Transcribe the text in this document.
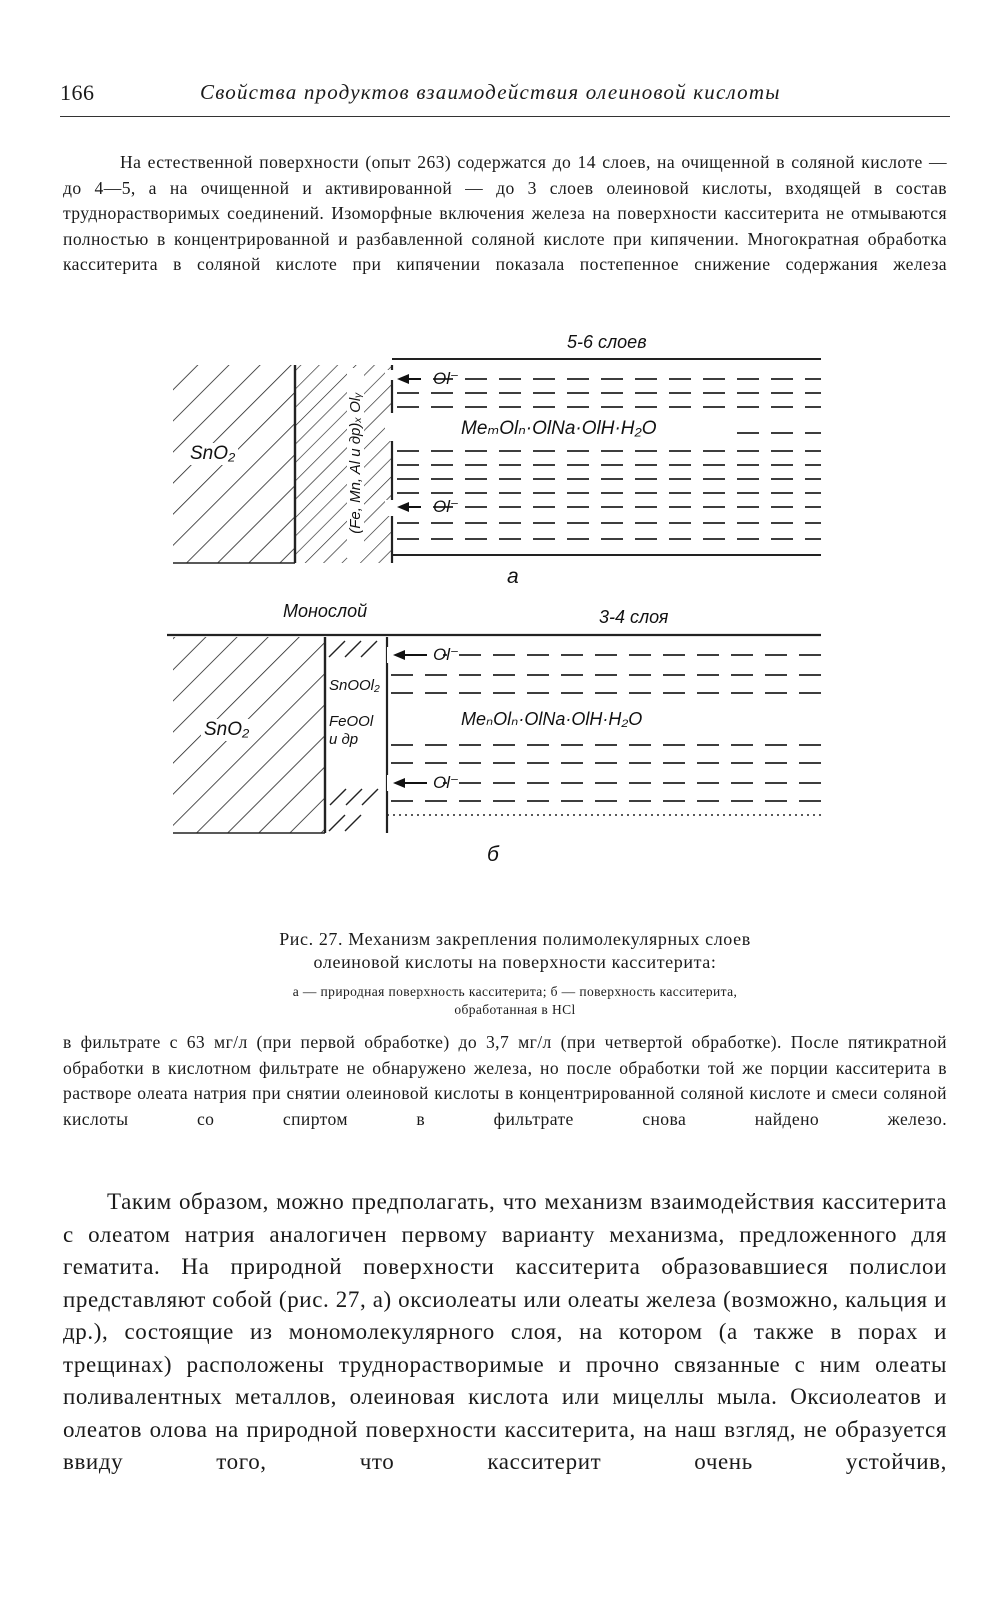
166	Свойства продуктов взаимодействия олеиновой кислоты

На естественной поверхности (опыт 263) содержатся до 14 слоев, на очищенной в соляной кислоте — до 4—5, а на очищенной и активированной — до 3 слоев олеиновой кислоты, входящей в состав труднорастворимых соединений. Изоморфные включения железа на поверхности касситерита не отмываются полностью в концентрированной и разбавленной соляной кислоте при кипячении. Многократная обработка касситерита в соляной кислоте при кипячении показала постепенное снижение содержания железа

5-6 слоев
SnO₂	(Fe, Mn, Al и др)ₓ Olᵧ
Ol⁻
MeₘOlₙ·OlNa·OlH·H₂O
Ol⁻
а
Монослой	3-4 слоя
SnO₂
SnOOl₂
FeOOl
и др
Ol⁻
MeₙOlₙ·OlNa·OlH·H₂O
Ol⁻
б

Рис. 27. Механизм закрепления полимолекулярных слоев
олеиновой кислоты на поверхности касситерита:

а — природная поверхность касситерита; б — поверхность касситерита,
обработанная в HCl

в фильтрате с 63 мг/л (при первой обработке) до 3,7 мг/л (при четвертой обработке). После пятикратной обработки в кислотном фильтрате не обнаружено железа, но после обработки той же порции касситерита в растворе олеата натрия при снятии олеиновой кислоты в концентрированной соляной кислоте и смеси соляной кислоты со спиртом в фильтрате снова найдено железо.

Таким образом, можно предполагать, что механизм взаимодействия касситерита с олеатом натрия аналогичен первому варианту механизма, предложенного для гематита. На природной поверхности касситерита образовавшиеся полислои представляют собой (рис. 27, а) оксиолеаты или олеаты железа (возможно, кальция и др.), состоящие из мономолекулярного слоя, на котором (а также в порах и трещинах) расположены труднорастворимые и прочно связанные с ним олеаты поливалентных металлов, олеиновая кислота или мицеллы мыла. Оксиолеатов и олеатов олова на природной поверхности касситерита, на наш взгляд, не образуется ввиду того, что касситерит очень устойчив,
